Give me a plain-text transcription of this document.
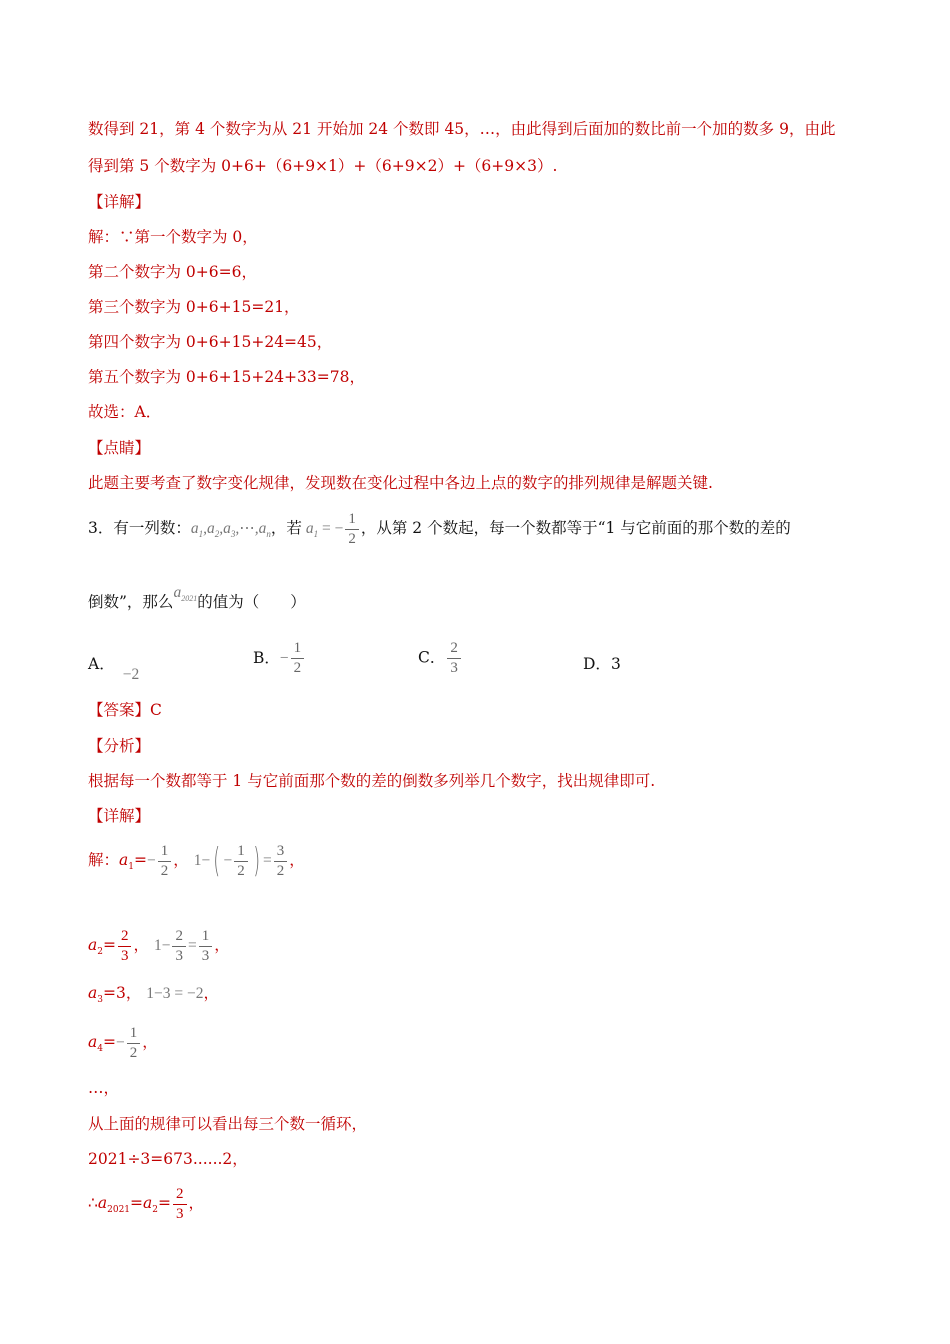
数得到 21，第 4 个数字为从 21 开始加 24 个数即 45，…，由此得到后面加的数比前一个加的数多 9，由此
得到第 5 个数字为 0+6+（6+9×1）+（6+9×2）+（6+9×3）.
【详解】
解：∵第一个数字为 0，
第二个数字为 0+6=6，
第三个数字为 0+6+15=21，
第四个数字为 0+6+15+24=45，
第五个数字为 0+6+15+24+33=78，
故选：A．
【点睛】
此题主要考查了数字变化规律，发现数在变化过程中各边上点的数字的排列规律是解题关键.
3．有一列数：$a_1,a_2,a_3,\cdots,a_n$，若 $a_1$ = − $\frac{1}{2}$ ，从第 2 个数起，每一个数都等于“1 与它前面的那个数的差的
倒数”，那么$a_{2021}$的值为（　　）
A．−2
B．− $\frac{1}{2}$	C． $\frac{2}{3}$	D．3
【答案】C
【分析】
根据每一个数都等于 1 与它前面那个数的差的倒数多列举几个数字，找出规律即可.
【详解】
解：$a_1=- \frac{1}{2}$ ， $1-( - \frac{1}{2}$ ) = $\frac{3}{2}$ ，
$a_2= \frac{2}{3}$ ， $1- \frac{2}{3} = \frac{1}{3}$ ，
$a_3=3$， 1−3 = −2，
$a_4=- \frac{1}{2}$ ，
…，
从上面的规律可以看出每三个数一循环，
2021÷3=673......2，
$\therefore a_{2021}=a_2= \frac{2}{3}$ ，
